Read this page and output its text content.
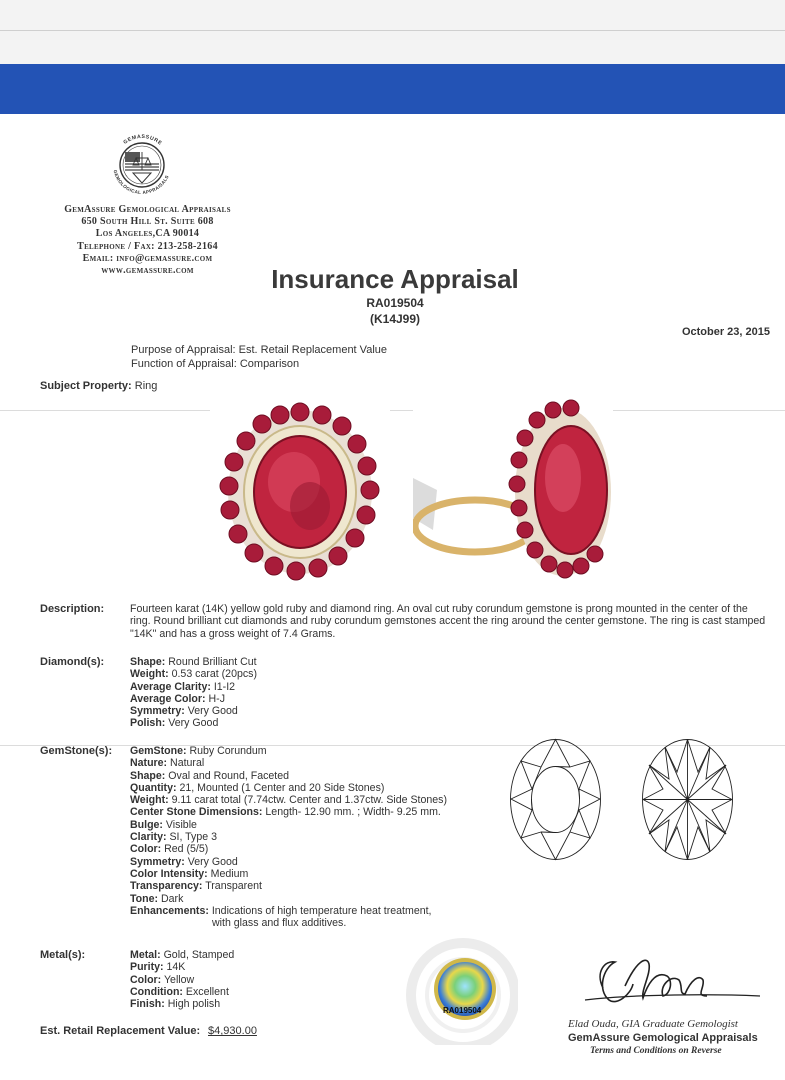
GEMASSURE
GEMOLOGICAL APPRAISALS
GemAssure Gemological Appraisals
650 South Hill St. Suite 608
Los Angeles,CA 90014
Telephone / Fax: 213-258-2164
Email: info@gemassure.com
www.gemassure.com	Insurance Appraisal
RA019504
(K14J99)
October 23, 2015
Purpose of Appraisal: Est. Retail Replacement Value
Function of Appraisal: Comparison
Subject Property: Ring
Description: Fourteen karat (14K) yellow gold ruby and diamond ring. An oval cut ruby corundum gemstone is prong mounted in the center of the ring. Round brilliant cut diamonds and ruby corundum gemstones accent the ring around the center gemstone. The ring is cast stamped "14K" and has a gross weight of 7.4 Grams.
Diamond(s): Shape: Round Brilliant Cut
Weight: 0.53 carat (20pcs)
Average Clarity: I1-I2
Average Color: H-J
Symmetry: Very Good
Polish: Very Good
GemStone(s): GemStone: Ruby Corundum
Nature: Natural
Shape: Oval and Round, Faceted
Quantity: 21, Mounted (1 Center and 20 Side Stones)
Weight: 9.11 carat total (7.74ctw. Center and 1.37ctw. Side Stones)
Center Stone Dimensions: Length- 12.90 mm. ; Width- 9.25 mm.
Bulge: Visible
Clarity: SI, Type 3
Color: Red (5/5)
Symmetry: Very Good
Color Intensity: Medium
Transparency: Transparent
Tone: Dark
Enhancements: Indications of high temperature heat treatment,
with glass and flux additives.
Metal(s):	Metal: Gold, Stamped
Purity: 14K
Color: Yellow
Condition: Excellent
Finish: High polish
Est. Retail Replacement Value: $4,930.00
RA019504
Elad Ouda, GIA Graduate Gemologist
GemAssure Gemological Appraisals
Terms and Conditions on Reverse
